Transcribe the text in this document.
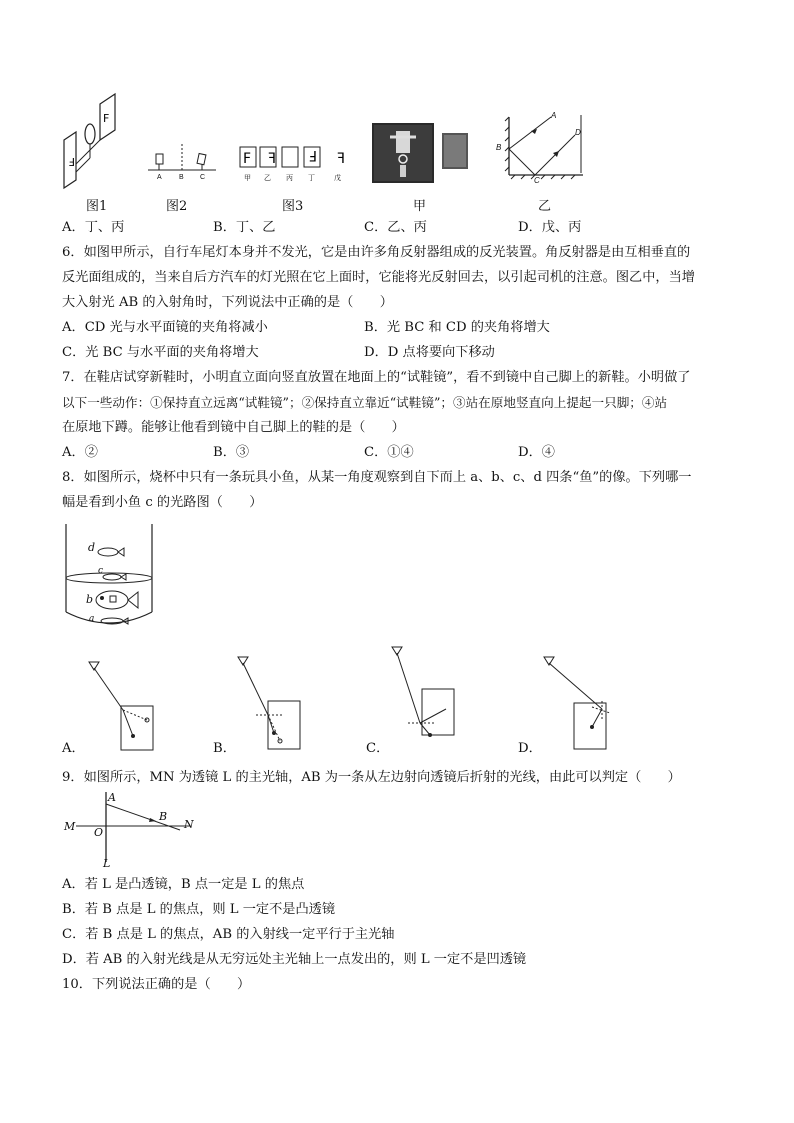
F
F
A B C
F F F F
甲 乙 丙 丁	戊
A
B
C
D
图1	图2	图3	甲	乙
A．丁、丙	B．丁、乙	C．乙、丙	D．戊、丙
6．如图甲所示，自行车尾灯本身并不发光，它是由许多角反射器组成的反光装置。角反射器是由互相垂直的
反光面组成的，当来自后方汽车的灯光照在它上面时，它能将光反射回去，以引起司机的注意。图乙中，当增
大入射光 AB 的入射角时，下列说法中正确的是（　　）
A．CD 光与水平面镜的夹角将减小	B．光 BC 和 CD 的夹角将增大
C．光 BC 与水平面的夹角将增大	D．D 点将要向下移动
7．在鞋店试穿新鞋时，小明直立面向竖直放置在地面上的“试鞋镜”，看不到镜中自己脚上的新鞋。小明做了
以下一些动作：①保持直立远离“试鞋镜”；②保持直立靠近“试鞋镜”；③站在原地竖直向上提起一只脚；④站
在原地下蹲。能够让他看到镜中自己脚上的鞋的是（　　）
A．②	B．③	C．①④	D．④
8．如图所示，烧杯中只有一条玩具小鱼，从某一角度观察到自下而上 a、b、c、d 四条“鱼”的像。下列哪一
幅是看到小鱼 c 的光路图（　　）
d
c
b
a
A．	B．	C．	D．
9．如图所示，MN 为透镜 L 的主光轴，AB 为一条从左边射向透镜后折射的光线，由此可以判定（　　）
A
B
M	N
O
L
A．若 L 是凸透镜，B 点一定是 L 的焦点
B．若 B 点是 L 的焦点，则 L 一定不是凸透镜
C．若 B 点是 L 的焦点，AB 的入射线一定平行于主光轴
D．若 AB 的入射光线是从无穷远处主光轴上一点发出的，则 L 一定不是凹透镜
10．下列说法正确的是（　　）
